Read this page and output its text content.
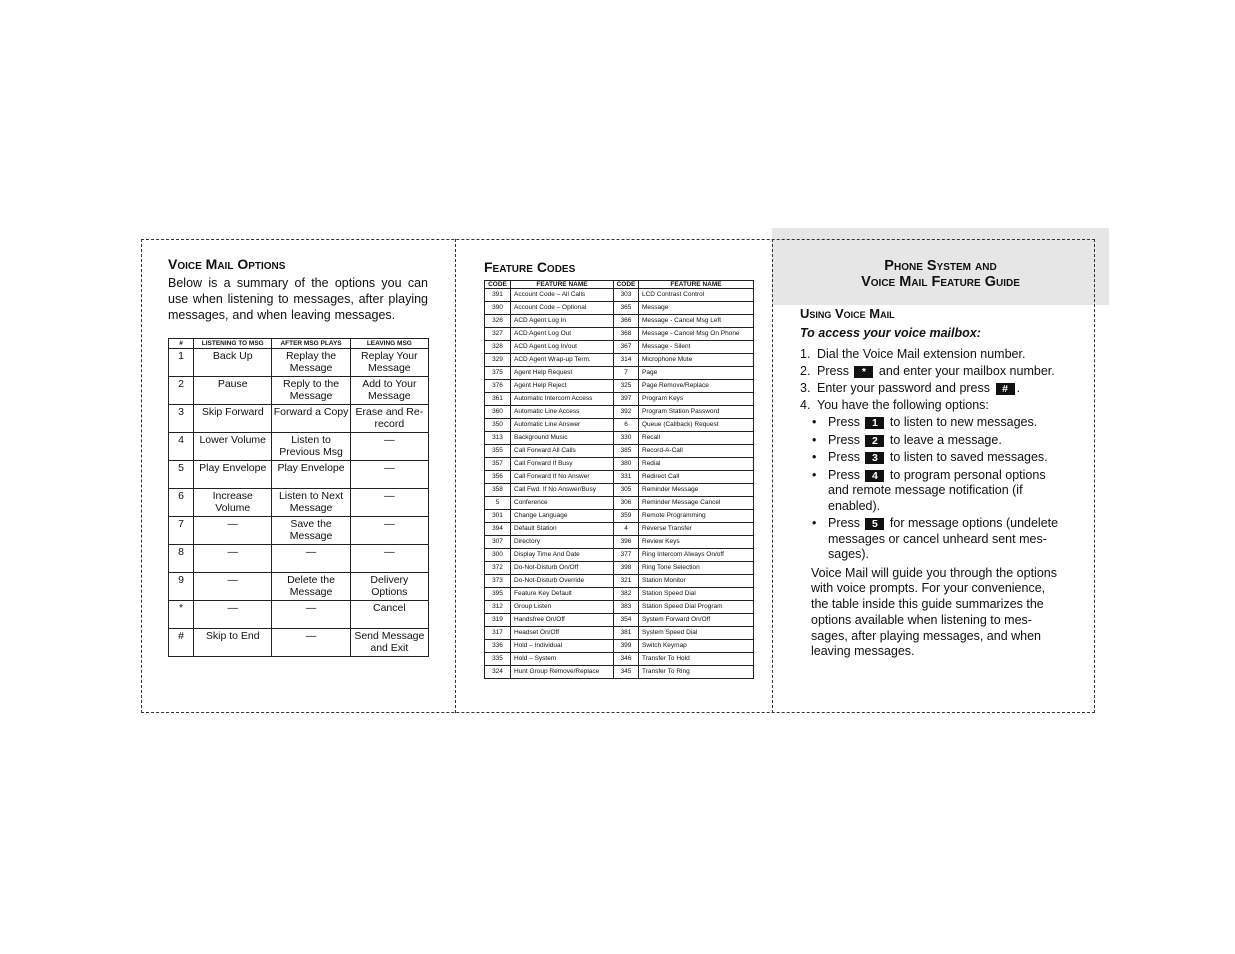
Voice Mail Options

Below is a summary of the options you can use when listening to messages, after playing messages, and when leaving messages.

#	LISTENING TO MSG	AFTER MSG PLAYS	LEAVING MSG
1	Back Up	Replay the Message	Replay Your Message
2	Pause	Reply to the Message	Add to Your Message
3	Skip Forward	Forward a Copy	Erase and Re-record
4	Lower Volume	Listen to Previous Msg	—
5	Play Envelope	Play Envelope	—
6	Increase Volume	Listen to Next Message	—
7	—	Save the Message	—
8	—	—	—
9	—	Delete the Message	Delivery Options
*	—	—	Cancel
#	Skip to End	—	Send Message and Exit
Feature Codes
CODE	FEATURE NAME	CODE	FEATURE NAME
391	Account Code – All Calls	303	LCD Contrast Control
390	Account Code – Optional	365	Message
326	ACD Agent Log In	366	Message - Cancel Msg Left
327	ACD Agent Log Out	368	Message - Cancel Msg On Phone
328	ACD Agent Log In/out	367	Message - Silent
329	ACD Agent Wrap-up Term.	314	Microphone Mute
375	Agent Help Request	7	Page
376	Agent Help Reject	325	Page Remove/Replace
361	Automatic Intercom Access	397	Program Keys
360	Automatic Line Access	392	Program Station Password
350	Automatic Line Answer	6	Queue (Callback) Request
313	Background Music	330	Recall
355	Call Forward All Calls	385	Record-A-Call
357	Call Forward If Busy	380	Redial
356	Call Forward If No Answer	331	Redirect Call
358	Call Fwd. If No Answer/Busy	305	Reminder Message
5	Conference	306	Reminder Message Cancel
301	Change Language	359	Remote Programming
394	Default Station	4	Reverse Transfer
307	Directory	396	Review Keys
300	Display Time And Date	377	Ring Intercom Always On/off
372	Do-Not-Disturb On/Off	398	Ring Tone Selection
373	Do-Not-Disturb Override	321	Station Monitor
395	Feature Key Default	382	Station Speed Dial
312	Group Listen	383	Station Speed Dial Program
319	Handsfree On/Off	354	System Forward On/Off
317	Headset On/Off	381	System Speed Dial
336	Hold – Individual	399	Switch Keymap
335	Hold – System	346	Transfer To Hold
324	Hunt Group Remove/Replace	345	Transfer To Ring
Phone System and
Voice Mail Feature Guide
Using Voice Mail
To access your voice mailbox:
1. Dial the Voice Mail extension number.
2. Press * and enter your mailbox number.
3. Enter your password and press # .
4. You have the following options:
• Press 1 to listen to new messages.
• Press 2 to leave a message.
• Press 3 to listen to saved messages.
• Press 4 to program personal options and remote message notification (if enabled).
• Press 5 for message options (undelete messages or cancel unheard sent mes-sages).

Voice Mail will guide you through the options with voice prompts. For your convenience, the table inside this guide summarizes the options available when listening to mes-sages, after playing messages, and when leaving messages.
